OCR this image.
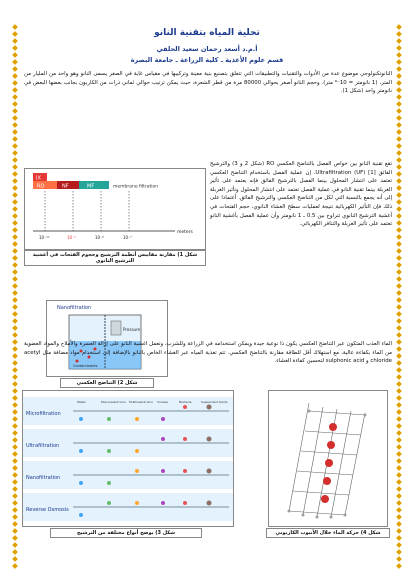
تحلية المياه بتقنية النانو
أ.م.د أسعد رحمان سعيد الحلفي
قسم علوم الأغذية ـ كلية الزراعة ـ جامعة البصرة
النانوتكنولوجي موضوع عدة من الأدوات والتقنيات والتطبيقات التي تتعلق بتصنيع بنية معينة وتركيبها في مقياس غاية في الصغر يسمى النانو وهو واحد من المليار من المتر، (1 نانومتر = 10⁻⁹ متر). وحجم النانو أصغر بحوالي 80000 مرة من قطر الشعرة، حيث يمكن ترتيب حوالي ثماني ذرات من الكاربون بجانب بعضها البعض في نانومتر واحد (شكل 1).
IX
RO	NF	MF	membrane filtration
meters
10⁻¹⁰	10⁻⁹	10⁻⁸	10⁻⁷
شكل 1) مقارنة مقاييس أنظمة الترشيح وحجوم الفتحات في أغشية الترشيح النانوي
تقع تقنية النانو بين خواص الفصل بالتناضح العكسي RO (شكل 2 و 3) والترشيح الفائق Ultrafiltration (UF) [1]. إن عملية الفصل باستخدام التناضح العكسي تعتمد على انتشار المحلول بينما الفصل بالترشيح الفائق فإنه يعتمد على تأثير الغربلة بينما تقنية النانو في عملية الفصل تعتمد على انتشار المحلول وتأثير الغربلة إلى أنه يجمع بالنسبة التي لكل من التناضح العكسي والترشيح الفائق. أعتمادا على ذلك فإن التأثير الكهربائية نتيجة لعمليات سطح الغشاء النانوي، حجم الفتحات في أغشية الترشيح النانوي تتراوح بين 0.5 ـ 1 نانومتر وأن عملية الفصل بأغشية النانو تعتمد على تأثير الغربلة والتنافر الكهربائي.
Nanofiltration
Pressure
Contaminants
شكل 2) التناضح العكسي
الماء العذب المتكون عبر التناضح العكسي يكون ذا نوعية جيدة ويمكن استخدامه في الزراعة وللشرب، وتعمل اغشية النانو على إزالة العسرة والأملاح والمواد العضوية من الماء بكفاءة عالية، مع استهلاك أقل للطاقة مقارنة بالتناضح العكسي. تتم تغذية المياه عبر الغشاء الخاص بالنانو بالإضافة إلى استخدام مواد مضافة مثل acetyl chloride و sulphonic acid لتحسين كفاءة الغشاء.
Microfiltration
Ultrafiltration
Nanofiltration
Reverse Osmosis
Water	Monovalent Ions Multivalent Ions Viruses	Bacteria	Suspended Solids
شكل 3) يوضح أنواع مختلفة من الترشيح	شكل 4) حركة الماء خلال الأنبوب الكاربوني
